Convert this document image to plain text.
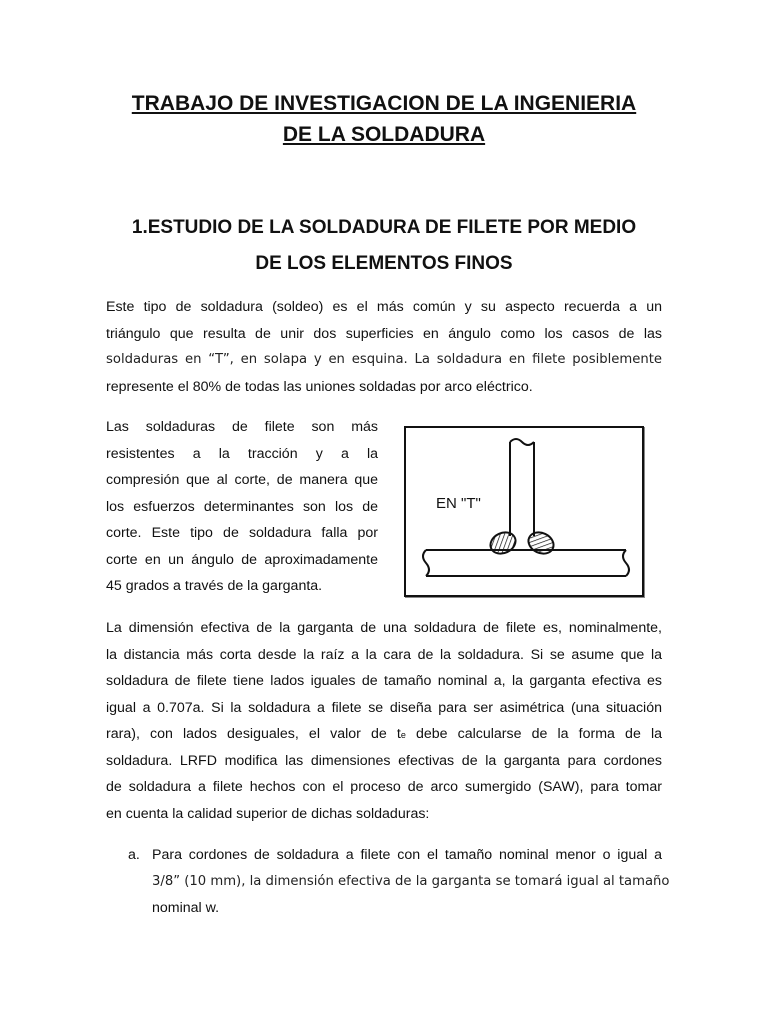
TRABAJO DE INVESTIGACION DE LA INGENIERIA
DE LA SOLDADURA
1.ESTUDIO DE LA SOLDADURA DE FILETE POR MEDIO
DE LOS ELEMENTOS FINOS
Este tipo de soldadura (soldeo) es el más común y su aspecto recuerda a un
triángulo que resulta de unir dos superficies en ángulo como los casos de las
soldaduras en “T”, en solapa y en esquina. La soldadura en filete posiblemente
represente el 80% de todas las uniones soldadas por arco eléctrico.
Las soldaduras de filete son más
resistentes a la tracción y a la
compresión que al corte, de manera que
los esfuerzos determinantes son los de
corte. Este tipo de soldadura falla por
corte en un ángulo de aproximadamente
45 grados a través de la garganta.
EN "T"
La dimensión efectiva de la garganta de una soldadura de filete es, nominalmente,
la distancia más corta desde la raíz a la cara de la soldadura. Si se asume que la
soldadura de filete tiene lados iguales de tamaño nominal a, la garganta efectiva es
igual a 0.707a. Si la soldadura a filete se diseña para ser asimétrica (una situación
rara), con lados desiguales, el valor de te debe calcularse de la forma de la
soldadura. LRFD modifica las dimensiones efectivas de la garganta para cordones
de soldadura a filete hechos con el proceso de arco sumergido (SAW), para tomar
en cuenta la calidad superior de dichas soldaduras:
a. Para cordones de soldadura a filete con el tamaño nominal menor o igual a
3/8” (10 mm), la dimensión efectiva de la garganta se tomará igual al tamaño
nominal w.
